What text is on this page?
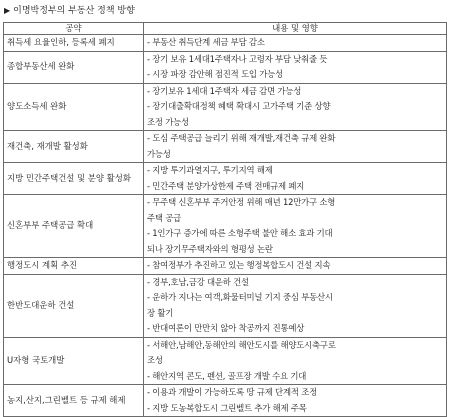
▶ 이명박정부의 부동산 정책 방향
공약	내용 및 영향
취득세 요율인하, 등록세 폐지	- 부동산 취득단계 세금 부담 감소

종합부동산세 완화	- 장기 보유 1세대1주택자나 고령자 부담 낮춰줄 듯
- 시장 파장 감안해 점진적 도입 가능성

양도소득세 완화	- 장기보유 1세대 1주택자 세금 감면 가능성
- 장기대출확대정책 혜택 확대시 고가주택 기준 상향
조정 가능성

재건축, 재개발 활성화	- 도심 주택공급 늘리기 위해 재개발,재건축 규제 완화
가능성

지방 민간주택건설 및 분양 활성화	- 지방 투기과열지구, 투기지역 해제
- 민간주택 분양가상한제 주택 전매규제 폐지

신혼부부 주택공급 확대	- 무주택 신혼부부 주거안정 위해 매년 12만가구 소형
주택 공급
- 1인가구 증가에 따른 소형주택 불안 해소 효과 기대
되나 장기무주택자와의 형평성 논란

행정도시 계획 추진	- 참여정부가 추진하고 있는 행정복합도시 건설 지속

한반도대운하 건설	- 경부,호남,금강 대운하 건설
- 운하가 지나는 여객,화물터미널 기지 중심 부동산시
장 활기
- 반대여론이 만만치 않아 착공까지 진통예상

U자형 국토개발	- 서해안,남해안,동해안의 해안도시를 해양도시축구로
조성
- 해안지역 콘도, 펜션, 골프장 개발 수요 기대

농지,산지,그린벨트 등 규제 해제	- 이용과 개발이 가능하도록 땅 규제 단계적 조정
- 지방 도농복합도시 그린벨트 추가 해제 주목
